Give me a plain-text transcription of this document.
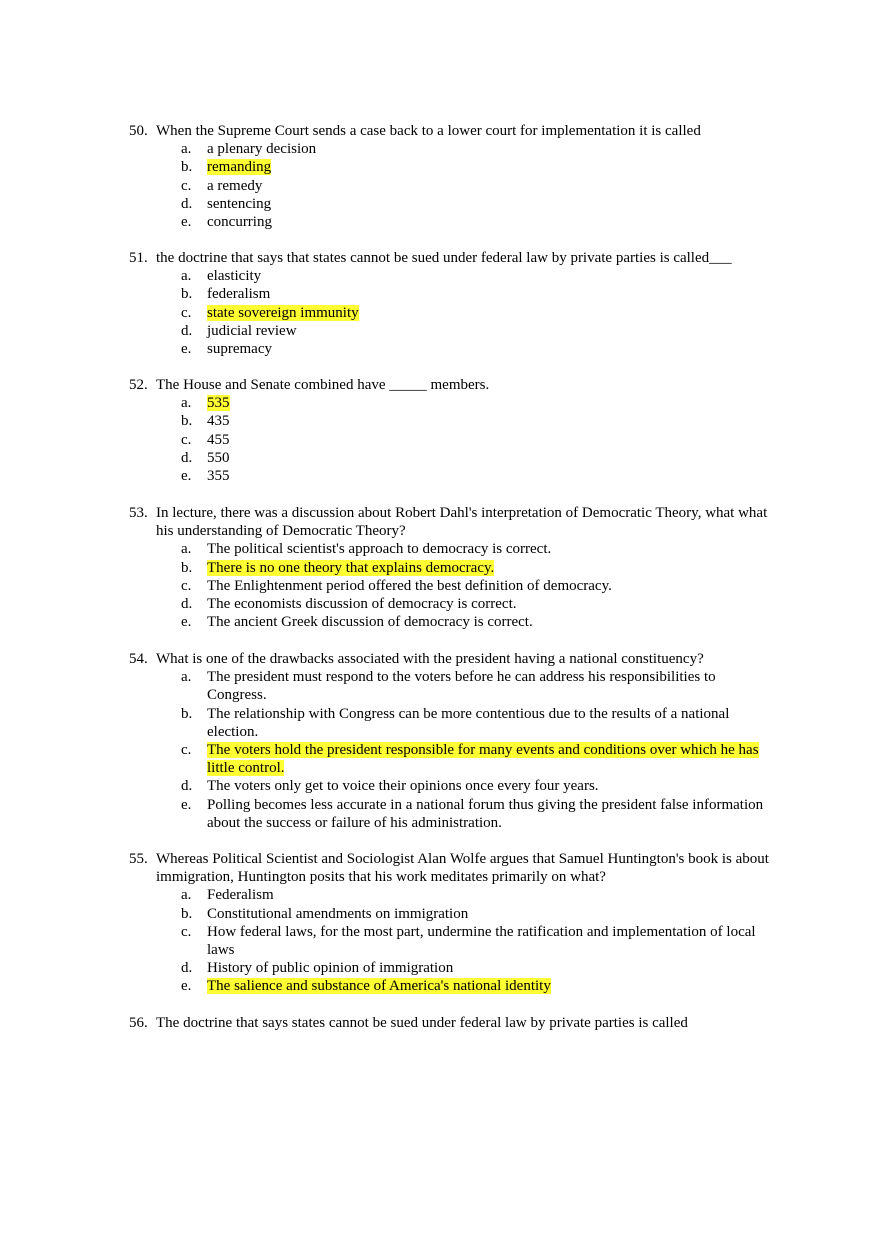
50. When the Supreme Court sends a case back to a lower court for implementation it is called
a.	a plenary decision
b. remanding
c.	a remedy
d. sentencing
e.	concurring
51. the doctrine that says that states cannot be sued under federal law by private parties is called___
a.	elasticity
b. federalism
c.	state sovereign immunity
d. judicial review
e.	supremacy
52. The House and Senate combined have _____ members.
a.	535
b. 435
c.	455
d. 550
e.	355
53. In lecture, there was a discussion about Robert Dahl's interpretation of Democratic Theory, what what his understanding of Democratic Theory?
a.	The political scientist's approach to democracy is correct.
b. There is no one theory that explains democracy.
c.	The Enlightenment period offered the best definition of democracy.
d. The economists discussion of democracy is correct.
e.	The ancient Greek discussion of democracy is correct.
54. What is one of the drawbacks associated with the president having a national constituency?
a.	The president must respond to the voters before he can address his responsibilities to Congress.
b. The relationship with Congress can be more contentious due to the results of a national election.
c.	The voters hold the president responsible for many events and conditions over which he has little control.
d. The voters only get to voice their opinions once every four years.
e.	Polling becomes less accurate in a national forum thus giving the president false information about the success or failure of his administration.
55. Whereas Political Scientist and Sociologist Alan Wolfe argues that Samuel Huntington's book is about immigration, Huntington posits that his work meditates primarily on what?
a.	Federalism
b. Constitutional amendments on immigration
c.	How federal laws, for the most part, undermine the ratification and implementation of local laws
d. History of public opinion of immigration
e.	The salience and substance of America's national identity
56. The doctrine that says states cannot be sued under federal law by private parties is called
